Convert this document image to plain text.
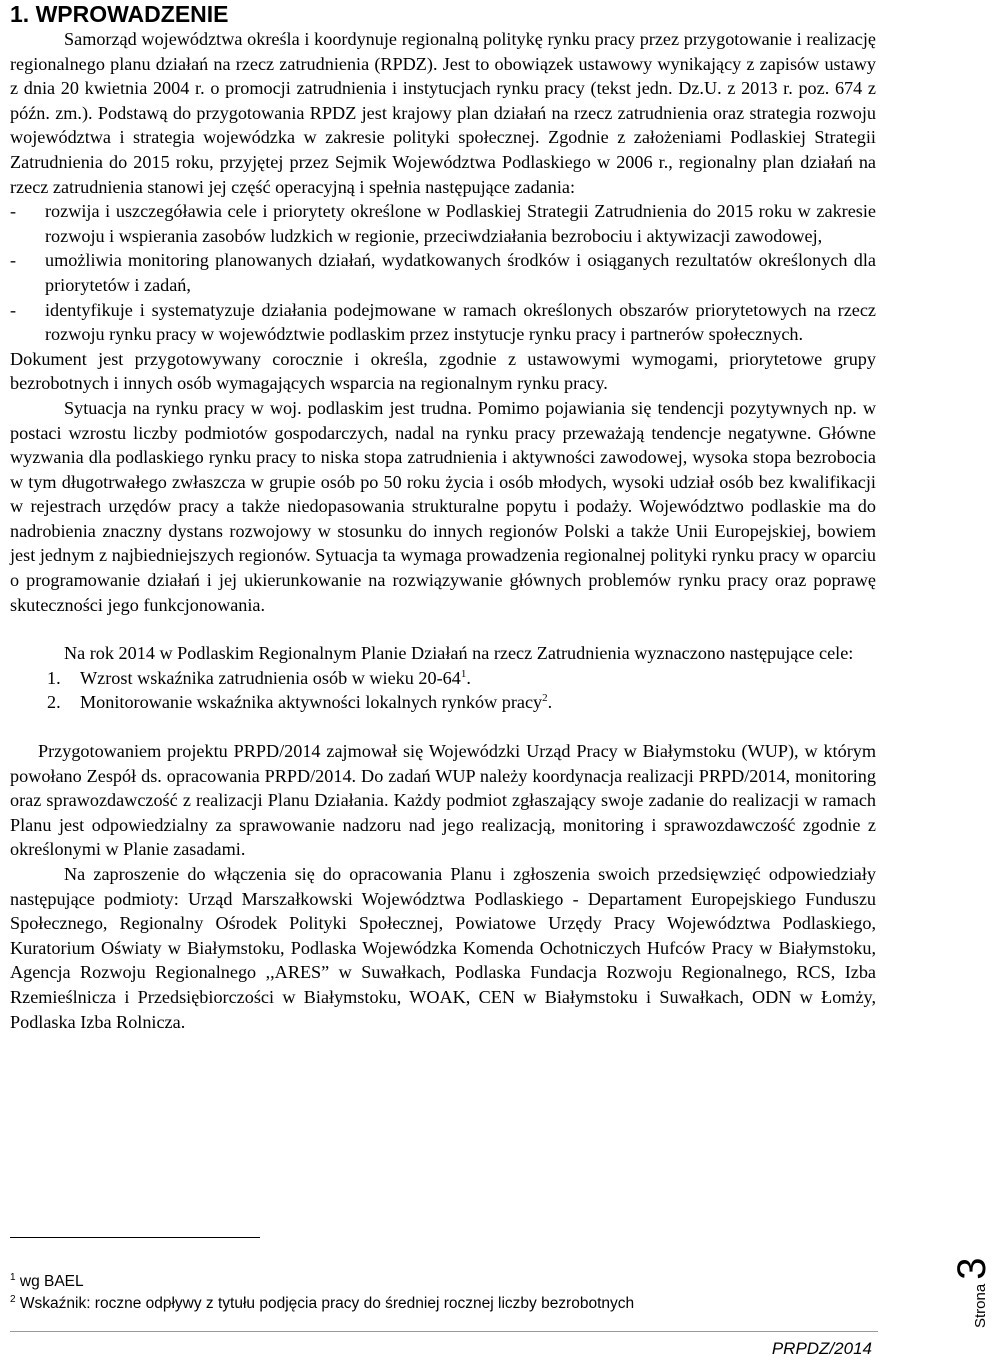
1. WPROWADZENIE

Samorząd województwa określa i koordynuje regionalną politykę rynku pracy przez przygotowanie i realizację regionalnego planu działań na rzecz zatrudnienia (RPDZ). Jest to obowiązek ustawowy wynikający z zapisów ustawy z dnia 20 kwietnia 2004 r. o promocji zatrudnienia i instytucjach rynku pracy (tekst jedn. Dz.U. z 2013 r. poz. 674 z późn. zm.). Podstawą do przygotowania RPDZ jest krajowy plan działań na rzecz zatrudnienia oraz strategia rozwoju województwa i strategia wojewódzka w zakresie polityki społecznej. Zgodnie z założeniami Podlaskiej Strategii Zatrudnienia do 2015 roku, przyjętej przez Sejmik Województwa Podlaskiego w 2006 r., regionalny plan działań na rzecz zatrudnienia stanowi jej część operacyjną i spełnia następujące zadania:

- rozwija i uszczegóławia cele i priorytety określone w Podlaskiej Strategii Zatrudnienia do 2015 roku w zakresie rozwoju i wspierania zasobów ludzkich w regionie, przeciwdziałania bezrobociu i aktywizacji zawodowej,
- umożliwia monitoring planowanych działań, wydatkowanych środków i osiąganych rezultatów określonych dla priorytetów i zadań,
- identyfikuje i systematyzuje działania podejmowane w ramach określonych obszarów priorytetowych na rzecz rozwoju rynku pracy w województwie podlaskim przez instytucje rynku pracy i partnerów społecznych.

Dokument jest przygotowywany corocznie i określa, zgodnie z ustawowymi wymogami, priorytetowe grupy bezrobotnych i innych osób wymagających wsparcia na regionalnym rynku pracy.

Sytuacja na rynku pracy w woj. podlaskim jest trudna. Pomimo pojawiania się tendencji pozytywnych np. w postaci wzrostu liczby podmiotów gospodarczych, nadal na rynku pracy przeważają tendencje negatywne. Główne wyzwania dla podlaskiego rynku pracy to niska stopa zatrudnienia i aktywności zawodowej, wysoka stopa bezrobocia w tym długotrwałego zwłaszcza w grupie osób po 50 roku życia i osób młodych, wysoki udział osób bez kwalifikacji w rejestrach urzędów pracy a także niedopasowania strukturalne popytu i podaży. Województwo podlaskie ma do nadrobienia znaczny dystans rozwojowy w stosunku do innych regionów Polski a także Unii Europejskiej, bowiem jest jednym z najbiedniejszych regionów. Sytuacja ta wymaga prowadzenia regionalnej polityki rynku pracy w oparciu o programowanie działań i jej ukierunkowanie na rozwiązywanie głównych problemów rynku pracy oraz poprawę skuteczności jego funkcjonowania.

Na rok 2014 w Podlaskim Regionalnym Planie Działań na rzecz Zatrudnienia wyznaczono następujące cele:

1. Wzrost wskaźnika zatrudnienia osób w wieku $20-64^1$.
2. Monitorowanie wskaźnika aktywności lokalnych rynków pracy$^2$.

Przygotowaniem projektu PRPD/2014 zajmował się Wojewódzki Urząd Pracy w Białymstoku (WUP), w którym powołano Zespół ds. opracowania PRPD/2014. Do zadań WUP należy koordynacja realizacji PRPD/2014, monitoring oraz sprawozdawczość z realizacji Planu Działania. Każdy podmiot zgłaszający swoje zadanie do realizacji w ramach Planu jest odpowiedzialny za sprawowanie nadzoru nad jego realizacją, monitoring i sprawozdawczość zgodnie z określonymi w Planie zasadami.

Na zaproszenie do włączenia się do opracowania Planu i zgłoszenia swoich przedsięwzięć odpowiedziały następujące podmioty: Urząd Marszałkowski Województwa Podlaskiego - Departament Europejskiego Funduszu Społecznego, Regionalny Ośrodek Polityki Społecznej, Powiatowe Urzędy Pracy Województwa Podlaskiego, Kuratorium Oświaty w Białymstoku, Podlaska Wojewódzka Komenda Ochotniczych Hufców Pracy w Białymstoku, Agencja Rozwoju Regionalnego ,,ARES” w Suwałkach, Podlaska Fundacja Rozwoju Regionalnego, RCS, Izba Rzemieślnicza i Przedsiębiorczości w Białymstoku, WOAK, CEN w Białymstoku i Suwałkach, ODN w Łomży, Podlaska Izba Rolnicza.

$^1$ wg BAEL
$^2$ Wskaźnik: roczne odpływy z tytułu podjęcia pracy do średniej rocznej liczby bezrobotnych
PRPDZ/2014
Strona3
